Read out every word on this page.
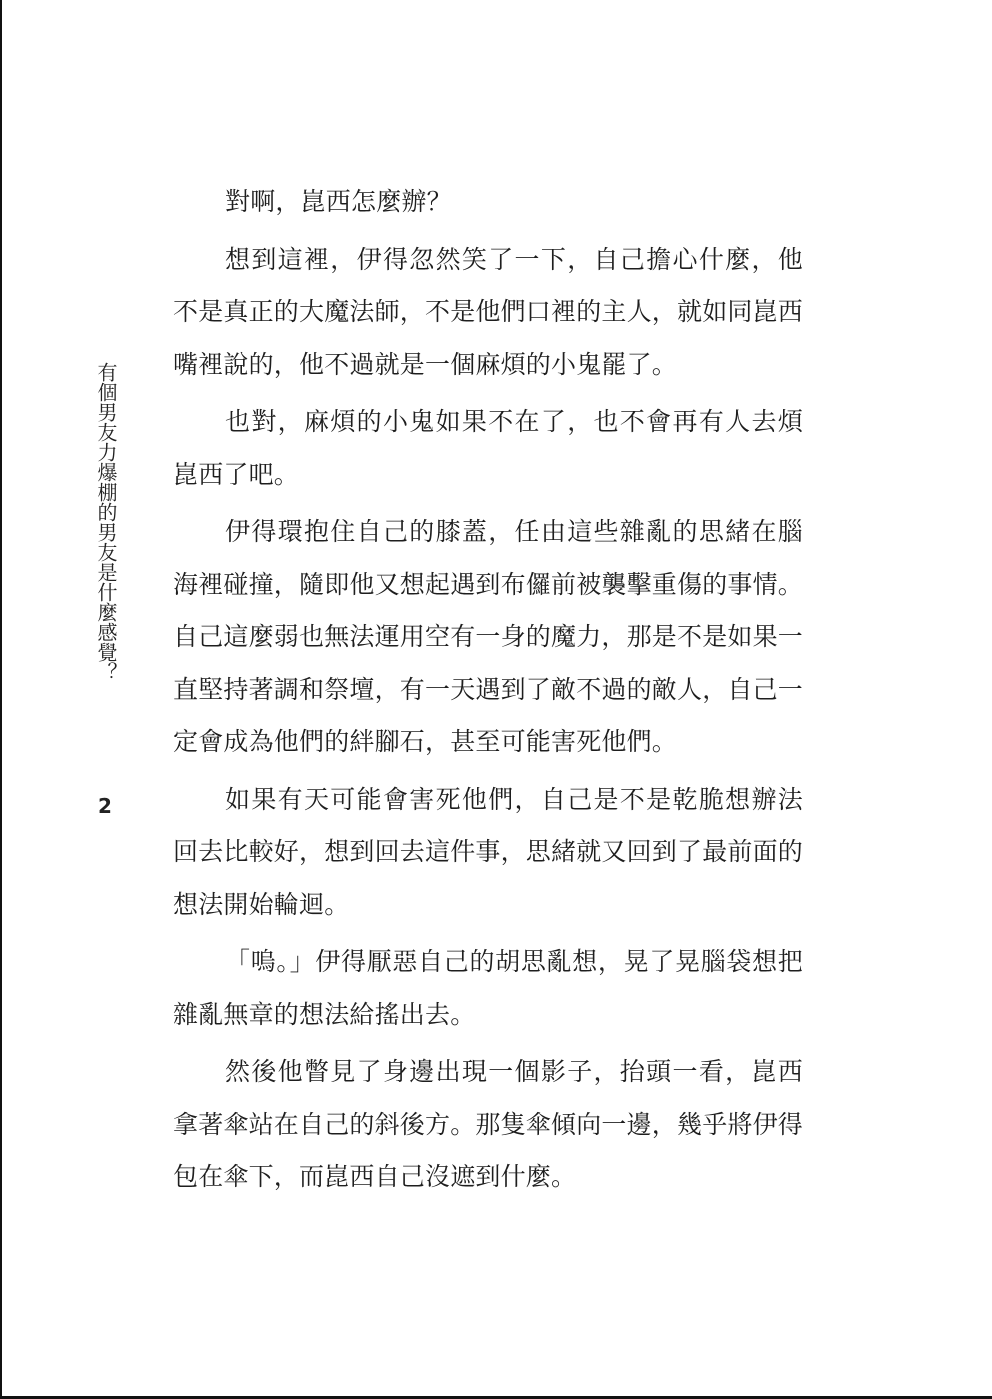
有個男友力爆棚的男友是什麼感覺？
2

對啊，崑西怎麼辦？

想到這裡，伊得忽然笑了一下，自己擔心什麼，他不是真正的大魔法師，不是他們口裡的主人，就如同崑西嘴裡說的，他不過就是一個麻煩的小鬼罷了。

也對，麻煩的小鬼如果不在了，也不會再有人去煩崑西了吧。

伊得環抱住自己的膝蓋，任由這些雜亂的思緒在腦海裡碰撞，隨即他又想起遇到布儸前被襲擊重傷的事情。自己這麼弱也無法運用空有一身的魔力，那是不是如果一直堅持著調和祭壇，有一天遇到了敵不過的敵人，自己一定會成為他們的絆腳石，甚至可能害死他們。

如果有天可能會害死他們，自己是不是乾脆想辦法回去比較好，想到回去這件事，思緒就又回到了最前面的想法開始輪迴。

「嗚。」伊得厭惡自己的胡思亂想，晃了晃腦袋想把雜亂無章的想法給搖出去。

然後他瞥見了身邊出現一個影子，抬頭一看，崑西拿著傘站在自己的斜後方。那隻傘傾向一邊，幾乎將伊得包在傘下，而崑西自己沒遮到什麼。
